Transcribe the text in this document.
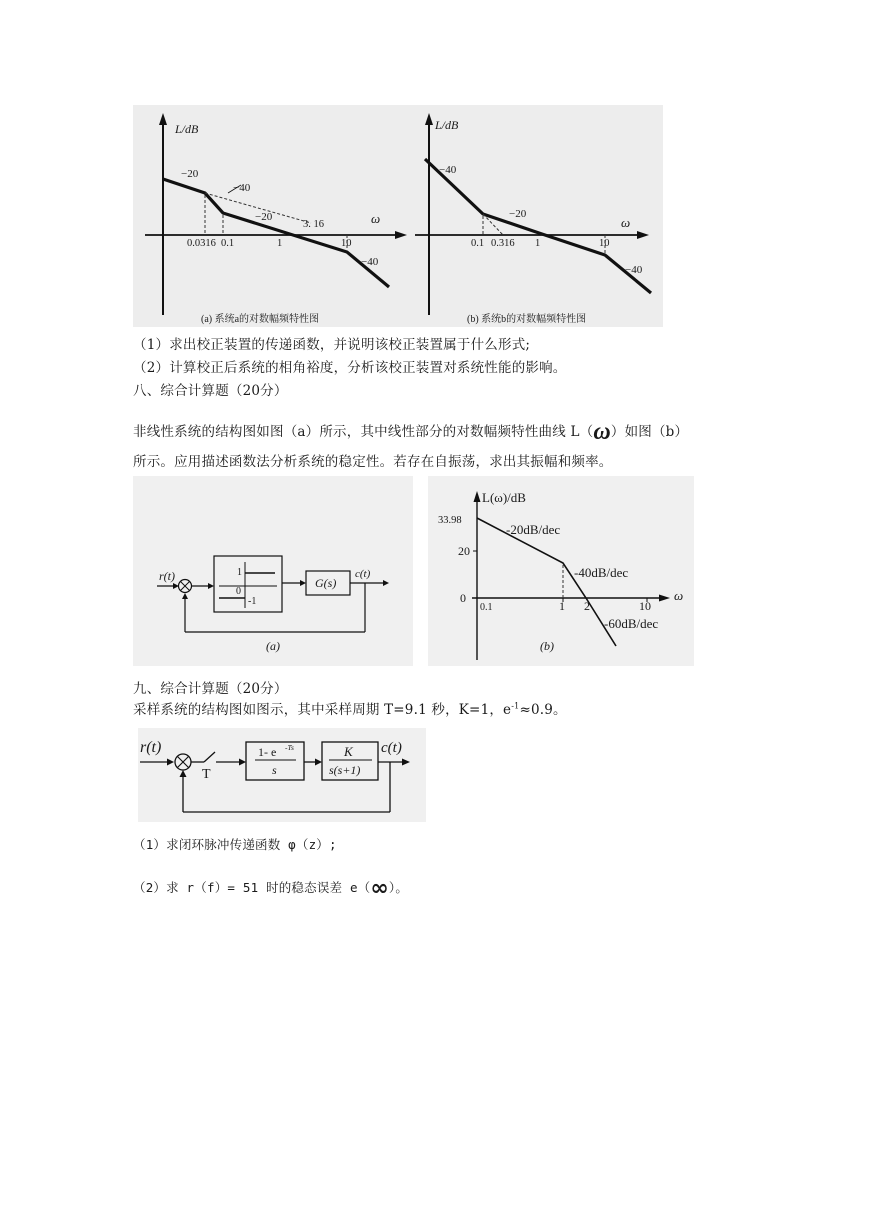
L/dB
ω
−20
−40
−20
−40
0.0316 0.1	1	10
3. 16
(a) 系统a的对数幅频特性图
L/dB
ω
−40
−20
−40
0.1 0.316 1	10
(b) 系统b的对数幅频特性图
（1）求出校正装置的传递函数，并说明该校正装置属于什么形式;
（2）计算校正后系统的相角裕度，分析该校正装置对系统性能的影响。
八、综合计算题（20分）
非线性系统的结构图如图（a）所示，其中线性部分的对数幅频特性曲线 L（ω）如图（b）
所示。应用描述函数法分析系统的稳定性。若存在自振荡，求出其振幅和频率。
r(t)	1
0
-1
G(s)
c(t)
(a)
L(ω)/dB
ω
33.98
20
0
0.1	1 2	10
-20dB/dec
-40dB/dec
-60dB/dec
(b)
九、综合计算题（20分）
采样系统的结构图如图示，其中采样周期 T=9.1 秒，K=1，$e^{-1}\approx 0.9$。
r(t)
T
1- e -Ts
s
K
s(s+1)
c(t)
（1）求闭环脉冲传递函数 φ（z）;
（2）求 r（f）= 51 时的稳态误差 e（∞）。
